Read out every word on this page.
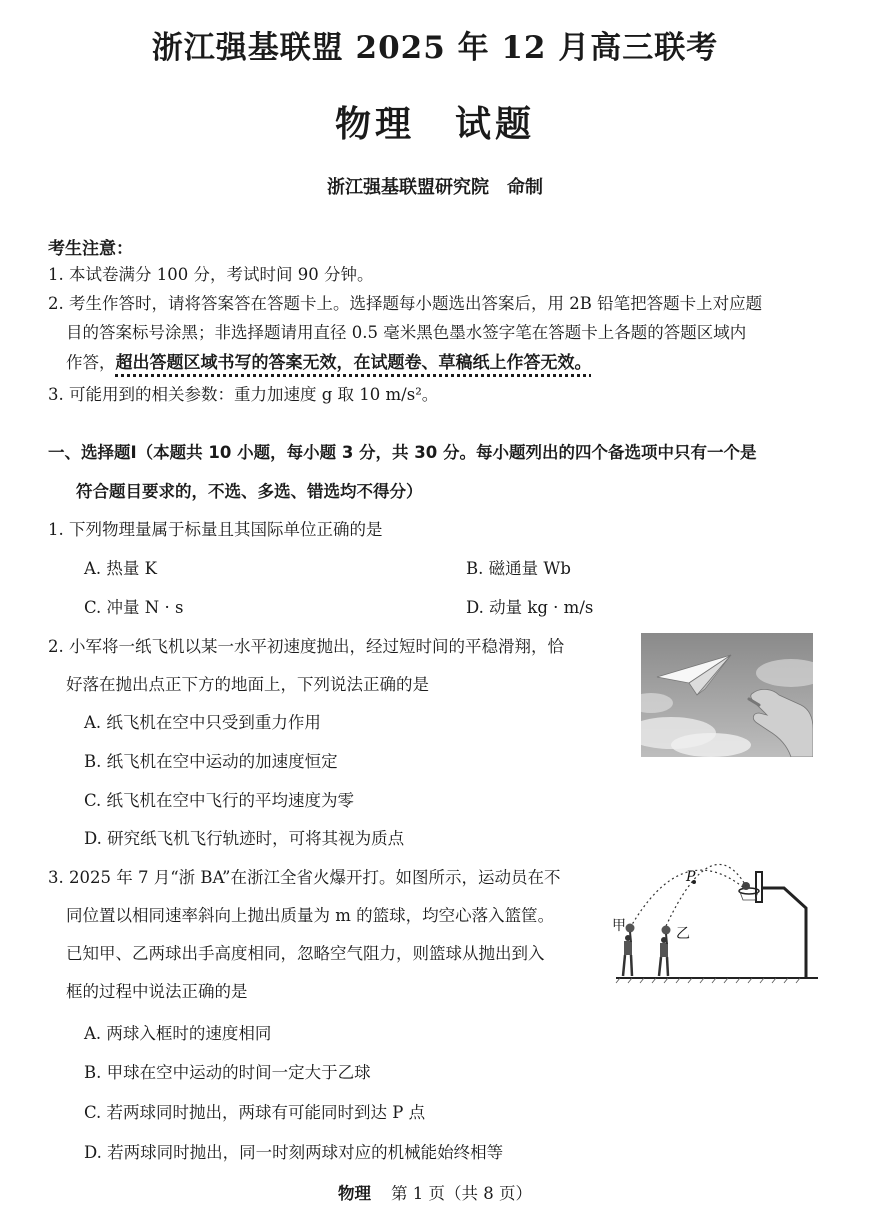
浙江强基联盟 2025 年 12 月高三联考
物理　试题
浙江强基联盟研究院　命制
考生注意：
1. 本试卷满分 100 分，考试时间 90 分钟。
2. 考生作答时，请将答案答在答题卡上。选择题每小题选出答案后，用 2B 铅笔把答题卡上对应题
目的答案标号涂黑；非选择题请用直径 0.5 毫米黑色墨水签字笔在答题卡上各题的答题区域内
作答，超出答题区域书写的答案无效，在试题卷、草稿纸上作答无效。
3. 可能用到的相关参数：重力加速度 g 取 10 m/s²。
一、选择题Ⅰ（本题共 10 小题，每小题 3 分，共 30 分。每小题列出的四个备选项中只有一个是
符合题目要求的，不选、多选、错选均不得分）
1. 下列物理量属于标量且其国际单位正确的是
A. 热量 K	B. 磁通量 Wb
C. 冲量 N · s	D. 动量 kg · m/s
2. 小军将一纸飞机以某一水平初速度抛出，经过短时间的平稳滑翔，恰
好落在抛出点正下方的地面上，下列说法正确的是
A. 纸飞机在空中只受到重力作用
B. 纸飞机在空中运动的加速度恒定
C. 纸飞机在空中飞行的平均速度为零
D. 研究纸飞机飞行轨迹时，可将其视为质点
3. 2025 年 7 月“浙 BA”在浙江全省火爆开打。如图所示，运动员在不
同位置以相同速率斜向上抛出质量为 m 的篮球，均空心落入篮筐。
已知甲、乙两球出手高度相同，忽略空气阻力，则篮球从抛出到入
框的过程中说法正确的是
A. 两球入框时的速度相同
B. 甲球在空中运动的时间一定大于乙球
C. 若两球同时抛出，两球有可能同时到达 P 点
D. 若两球同时抛出，同一时刻两球对应的机械能始终相等
P
甲	乙
物理 第 1 页（共 8 页）
